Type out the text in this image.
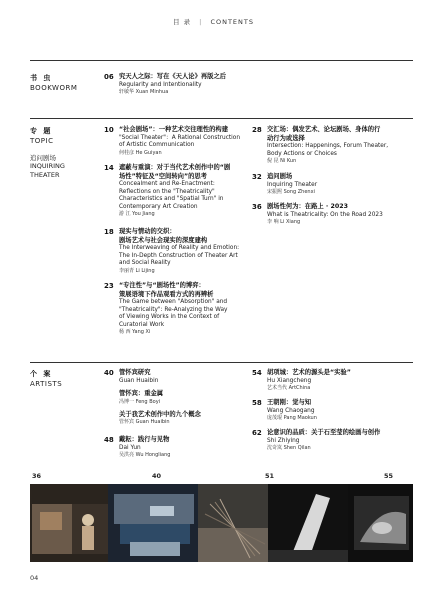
目 录 | CONTENTS
书 虫
BOOKWORM
06 究天人之际：写在《天人论》再版之后
Regularity and Intentionality
轩敏华 Xuan Minhua
专 题
TOPIC
追问剧场
INQUIRING
THEATER
10 “社会剧场”：一种艺术交往理性的构建
"Social Theater"：A Rational Construction
of Artistic Communication
何桂彦 He Guiyan
14 遮蔽与重演：对于当代艺术创作中的“剧
场性”特征及“空间转向”的思考
Concealment and Re-Enactment:
Reflections on the "Theatricality"
Characteristics and "Spatial Turn" in
Contemporary Art Creation
游 江 You Jiang
18 现实与情动的交织：
剧场艺术与社会现实的深度建构
The Interweaving of Reality and Emotion:
The In-Depth Construction of Theater Art
and Social Reality
李丽青 Li Lijing
23 “专注性”与“剧场性”的博弈：
策展语境下作品观看方式的再辨析
The Game between "Absorption" and
"Theatricality": Re-Analyzing the Way
of Viewing Works in the Context of
Curatorial Work
杨 西 Yang Xi
28 交汇场：偶发艺术、论坛剧场、身体的行
动行为或选择
Intersection: Happenings, Forum Theater,
Body Actions or Choices
倪 昆 Ni Kun
32 追问剧场
Inquiring Theater
宋振熙 Song Zhenxi
36 剧场性何为：在路上 · 2023
What is Theatricality: On the Road 2023
李 响 Li Xiang
个 案
ARTISTS
40 管怀宾研究
Guan Huaibin
管怀宾：重金属
冯博一 Feng Boyi
关于我艺术创作中的九个概念
管怀宾 Guan Huaibin
48 戴耘：践行与见物
Dai Yun
吴洪亮 Wu Hongliang
54 胡项城：艺术的源头是“实验”
Hu Xiangcheng
艺术当代 ArtChina
58 王朝刚：觉与知
Wang Chaogang
庞茂琨 Pang Maokun
62 论意识的品质：关于石至莹的绘画与创作
Shi Zhiying
沈奇岚 Shen Qilan
36	40	51	55
04
